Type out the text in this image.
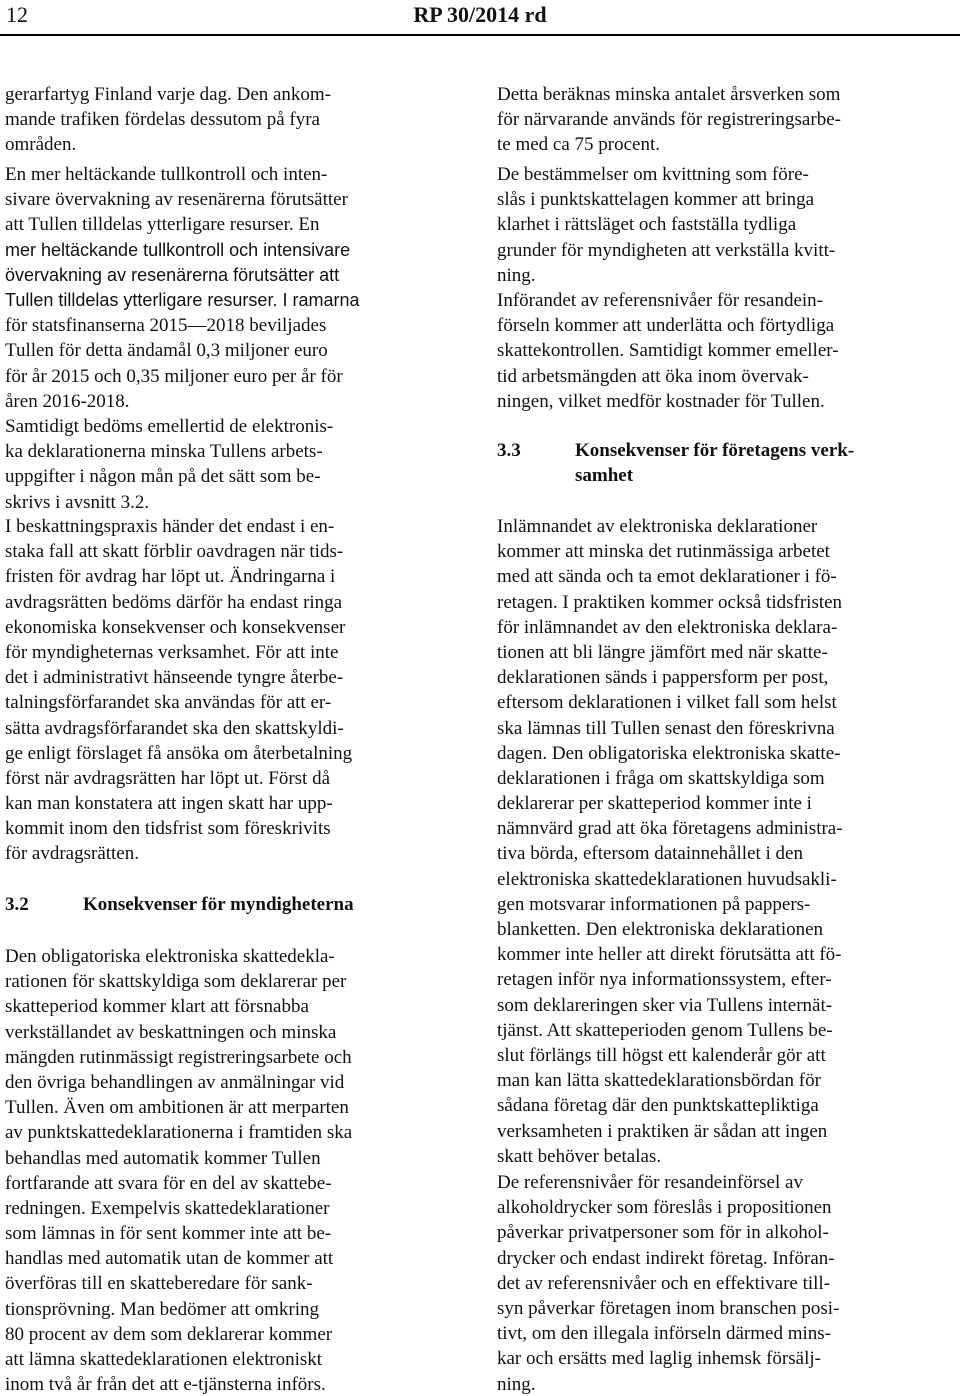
12	RP 30/2014 rd
gerarfartyg Finland varje dag. Den ankom-
mande trafiken fördelas dessutom på fyra
områden.
En mer heltäckande tullkontroll och inten-
sivare övervakning av resenärerna förutsätter
att Tullen tilldelas ytterligare resurser. En
mer heltäckande tullkontroll och intensivare
övervakning av resenärerna förutsätter att
Tullen tilldelas ytterligare resurser. I ramarna
för statsfinanserna 2015—2018 beviljades
Tullen för detta ändamål 0,3 miljoner euro
för år 2015 och 0,35 miljoner euro per år för
åren 2016-2018.
Samtidigt bedöms emellertid de elektronis-
ka deklarationerna minska Tullens arbets-
uppgifter i någon mån på det sätt som be-
skrivs i avsnitt 3.2.
I beskattningspraxis händer det endast i en-
staka fall att skatt förblir oavdragen när tids-
fristen för avdrag har löpt ut. Ändringarna i
avdragsrätten bedöms därför ha endast ringa
ekonomiska konsekvenser och konsekvenser
för myndigheternas verksamhet. För att inte
det i administrativt hänseende tyngre återbe-
talningsförfarandet ska användas för att er-
sätta avdragsförfarandet ska den skattskyldi-
ge enligt förslaget få ansöka om återbetalning
först när avdragsrätten har löpt ut. Först då
kan man konstatera att ingen skatt har upp-
kommit inom den tidsfrist som föreskrivits
för avdragsrätten.
3.2	Konsekvenser för myndigheterna
Den obligatoriska elektroniska skattedekla-
rationen för skattskyldiga som deklarerar per
skatteperiod kommer klart att försnabba
verkställandet av beskattningen och minska
mängden rutinmässigt registreringsarbete och
den övriga behandlingen av anmälningar vid
Tullen. Även om ambitionen är att merparten
av punktskattedeklarationerna i framtiden ska
behandlas med automatik kommer Tullen
fortfarande att svara för en del av skattebe-
redningen. Exempelvis skattedeklarationer
som lämnas in för sent kommer inte att be-
handlas med automatik utan de kommer att
överföras till en skatteberedare för sank-
tionsprövning. Man bedömer att omkring
80 procent av dem som deklarerar kommer
att lämna skattedeklarationen elektroniskt
inom två år från det att e-tjänsterna införs.
Detta beräknas minska antalet årsverken som
för närvarande används för registreringsarbe-
te med ca 75 procent.
De bestämmelser om kvittning som före-
slås i punktskattelagen kommer att bringa
klarhet i rättsläget och fastställa tydliga
grunder för myndigheten att verkställa kvitt-
ning.
Införandet av referensnivåer för resandein-
förseln kommer att underlätta och förtydliga
skattekontrollen. Samtidigt kommer emeller-
tid arbetsmängden att öka inom övervak-
ningen, vilket medför kostnader för Tullen.
3.3	Konsekvenser för företagens verk-
samhet
Inlämnandet av elektroniska deklarationer
kommer att minska det rutinmässiga arbetet
med att sända och ta emot deklarationer i fö-
retagen. I praktiken kommer också tidsfristen
för inlämnandet av den elektroniska deklara-
tionen att bli längre jämfört med när skatte-
deklarationen sänds i pappersform per post,
eftersom deklarationen i vilket fall som helst
ska lämnas till Tullen senast den föreskrivna
dagen. Den obligatoriska elektroniska skatte-
deklarationen i fråga om skattskyldiga som
deklarerar per skatteperiod kommer inte i
nämnvärd grad att öka företagens administra-
tiva börda, eftersom datainnehållet i den
elektroniska skattedeklarationen huvudsakli-
gen motsvarar informationen på pappers-
blanketten. Den elektroniska deklarationen
kommer inte heller att direkt förutsätta att fö-
retagen inför nya informationssystem, efter-
som deklareringen sker via Tullens internät-
tjänst. Att skatteperioden genom Tullens be-
slut förlängs till högst ett kalenderår gör att
man kan lätta skattedeklarationsbördan för
sådana företag där den punktskattepliktiga
verksamheten i praktiken är sådan att ingen
skatt behöver betalas.
De referensnivåer för resandeinförsel av
alkoholdrycker som föreslås i propositionen
påverkar privatpersoner som för in alkohol-
drycker och endast indirekt företag. Införan-
det av referensnivåer och en effektivare till-
syn påverkar företagen inom branschen posi-
tivt, om den illegala införseln därmed mins-
kar och ersätts med laglig inhemsk försälj-
ning.
